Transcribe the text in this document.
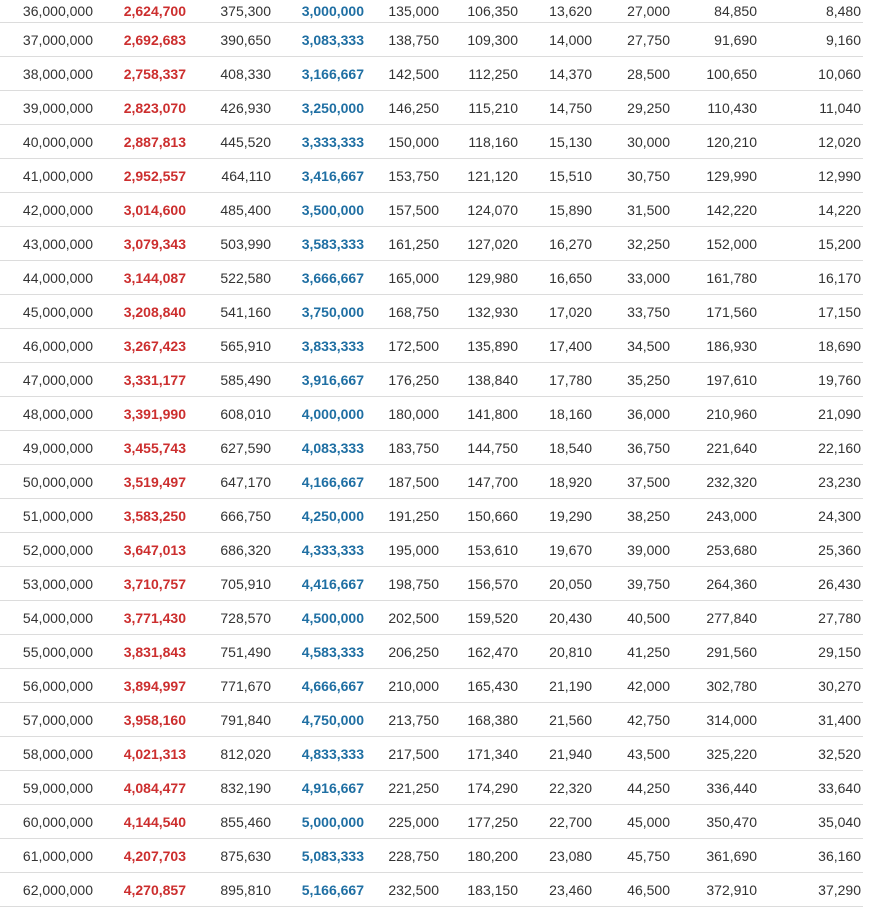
36,000,000	2,624,700	375,300	3,000,000	135,000	106,350	13,620	27,000	84,850	8,480
37,000,000	2,692,683	390,650	3,083,333	138,750	109,300	14,000	27,750	91,690	9,160
38,000,000	2,758,337	408,330	3,166,667	142,500	112,250	14,370	28,500	100,650	10,060
39,000,000	2,823,070	426,930	3,250,000	146,250	115,210	14,750	29,250	110,430	11,040
40,000,000	2,887,813	445,520	3,333,333	150,000	118,160	15,130	30,000	120,210	12,020
41,000,000	2,952,557	464,110	3,416,667	153,750	121,120	15,510	30,750	129,990	12,990
42,000,000	3,014,600	485,400	3,500,000	157,500	124,070	15,890	31,500	142,220	14,220
43,000,000	3,079,343	503,990	3,583,333	161,250	127,020	16,270	32,250	152,000	15,200
44,000,000	3,144,087	522,580	3,666,667	165,000	129,980	16,650	33,000	161,780	16,170
45,000,000	3,208,840	541,160	3,750,000	168,750	132,930	17,020	33,750	171,560	17,150
46,000,000	3,267,423	565,910	3,833,333	172,500	135,890	17,400	34,500	186,930	18,690
47,000,000	3,331,177	585,490	3,916,667	176,250	138,840	17,780	35,250	197,610	19,760
48,000,000	3,391,990	608,010	4,000,000	180,000	141,800	18,160	36,000	210,960	21,090
49,000,000	3,455,743	627,590	4,083,333	183,750	144,750	18,540	36,750	221,640	22,160
50,000,000	3,519,497	647,170	4,166,667	187,500	147,700	18,920	37,500	232,320	23,230
51,000,000	3,583,250	666,750	4,250,000	191,250	150,660	19,290	38,250	243,000	24,300
52,000,000	3,647,013	686,320	4,333,333	195,000	153,610	19,670	39,000	253,680	25,360
53,000,000	3,710,757	705,910	4,416,667	198,750	156,570	20,050	39,750	264,360	26,430
54,000,000	3,771,430	728,570	4,500,000	202,500	159,520	20,430	40,500	277,840	27,780
55,000,000	3,831,843	751,490	4,583,333	206,250	162,470	20,810	41,250	291,560	29,150
56,000,000	3,894,997	771,670	4,666,667	210,000	165,430	21,190	42,000	302,780	30,270
57,000,000	3,958,160	791,840	4,750,000	213,750	168,380	21,560	42,750	314,000	31,400
58,000,000	4,021,313	812,020	4,833,333	217,500	171,340	21,940	43,500	325,220	32,520
59,000,000	4,084,477	832,190	4,916,667	221,250	174,290	22,320	44,250	336,440	33,640
60,000,000	4,144,540	855,460	5,000,000	225,000	177,250	22,700	45,000	350,470	35,040
61,000,000	4,207,703	875,630	5,083,333	228,750	180,200	23,080	45,750	361,690	36,160
62,000,000	4,270,857	895,810	5,166,667	232,500	183,150	23,460	46,500	372,910	37,290
